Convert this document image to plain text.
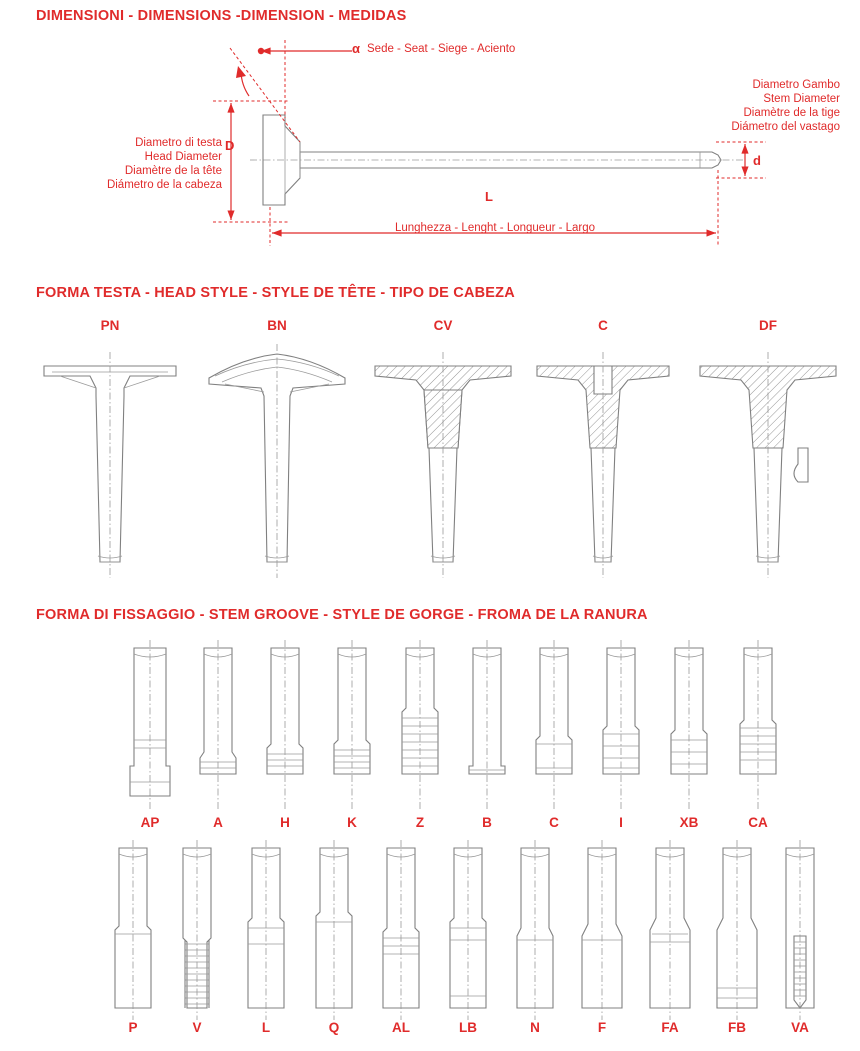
DIMENSIONI - DIMENSIONS -DIMENSION - MEDIDAS
Sede - Seat - Siege - Aciento
α
Diametro di testa
Head Diameter
Diamètre de la tête
Diámetro de la cabeza
D
Diametro Gambo
Stem Diameter
Diamètre de la tige
Diámetro del vastago
d
Lunghezza - Lenght - Longueur - Largo
L
FORMA TESTA - HEAD STYLE - STYLE DE TÊTE - TIPO DE CABEZA
PN	BN	CV	C	DF
FORMA DI FISSAGGIO - STEM GROOVE - STYLE DE GORGE - FROMA DE LA RANURA
AP	A	H	K	Z	B	C	I	XB	CA
P	V	L	Q	AL	LB	N	F	FA	FB	VA
